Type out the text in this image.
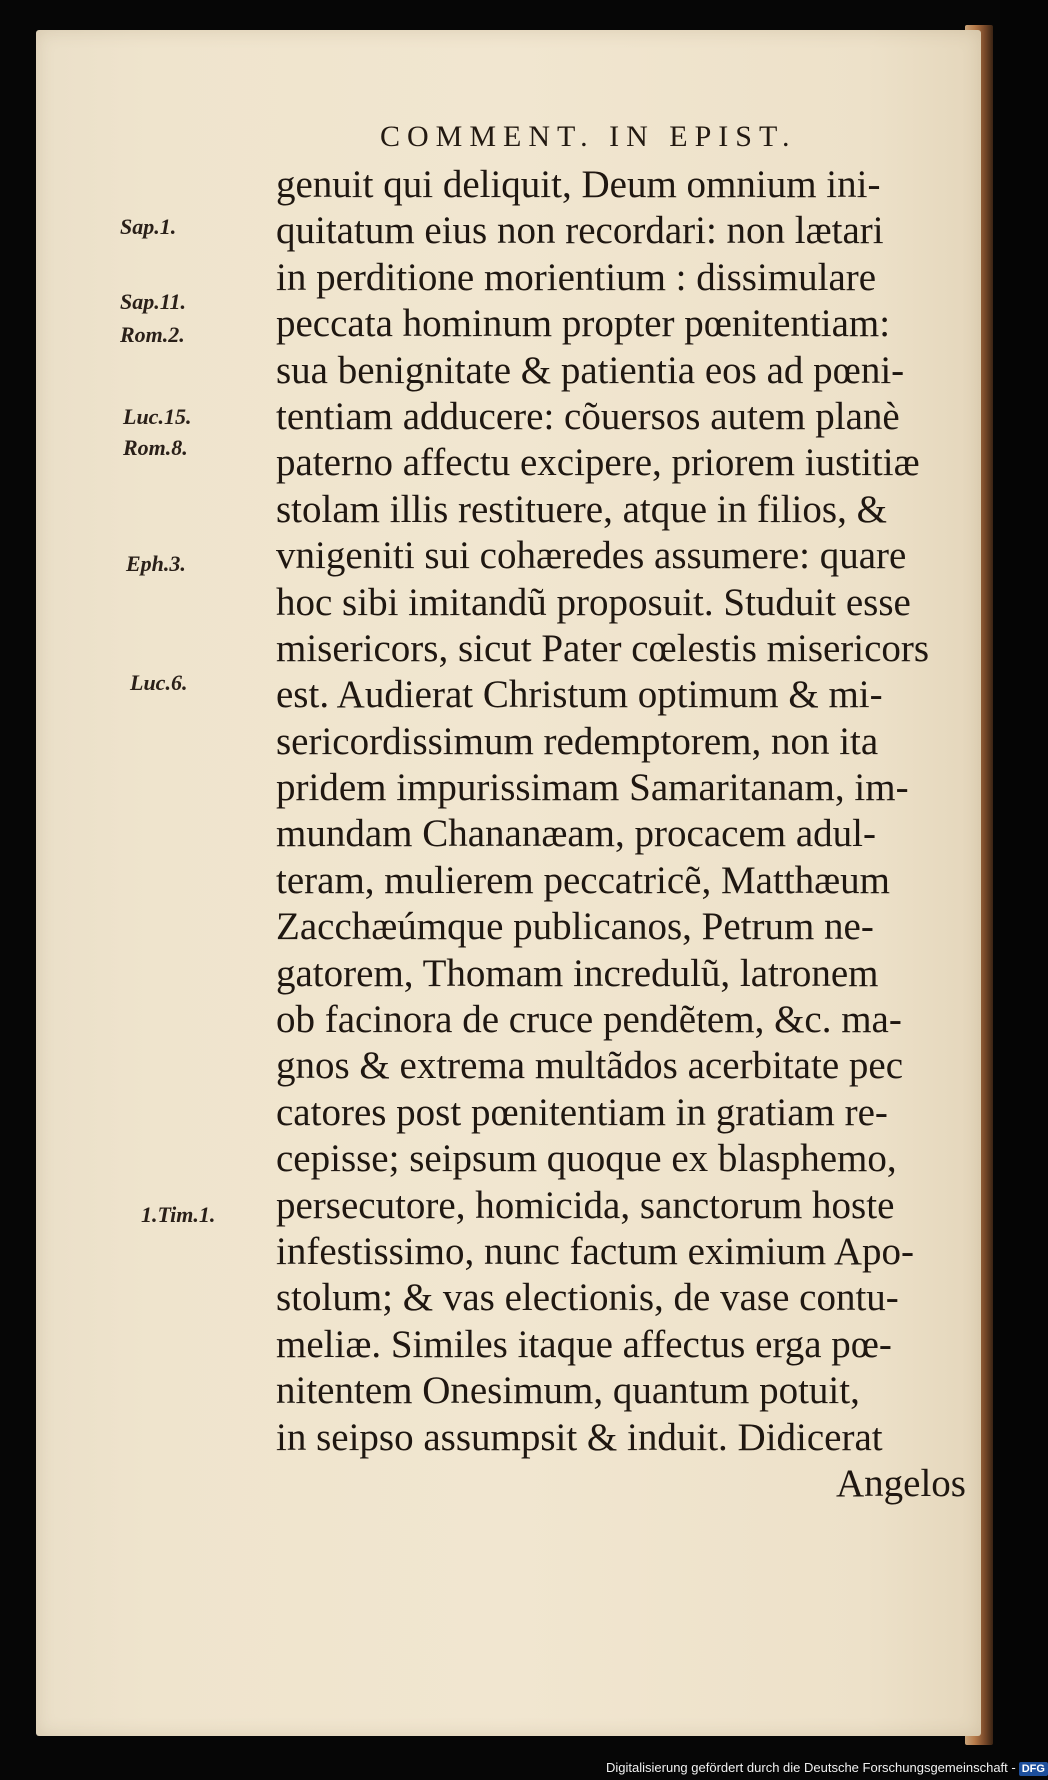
COMMENT. IN EPIST.
Sap.1.
Sap.11.
Rom.2.
Luc.15.
Rom.8.
Eph.3.
Luc.6.
1.Tim.1.
genuit qui deliquit, Deum omnium ini-
quitatum eius non recordari: non lætari
in perditione morientium : dissimulare
peccata hominum propter pœnitentiam:
sua benignitate & patientia eos ad pœni-
tentiam adducere: cõuersos autem planè
paterno affectu excipere, priorem iustitiæ
stolam illis restituere, atque in filios, &
vnigeniti sui cohæredes assumere: quare
hoc sibi imitandũ proposuit. Studuit esse
misericors, sicut Pater cœlestis misericors
est. Audierat Christum optimum & mi-
sericordissimum redemptorem, non ita
pridem impurissimam Samaritanam, im-
mundam Chananæam, procacem adul-
teram, mulierem peccatricẽ, Matthæum
Zacchæúmque publicanos, Petrum ne-
gatorem, Thomam incredulũ, latronem
ob facinora de cruce pendẽtem, &c. ma-
gnos & extrema multãdos acerbitate pec
catores post pœnitentiam in gratiam re-
cepisse; seipsum quoque ex blasphemo,
persecutore, homicida, sanctorum hoste
infestissimo, nunc factum eximium Apo-
stolum; & vas electionis, de vase contu-
meliæ. Similes itaque affectus erga pœ-
nitentem Onesimum, quantum potuit,
in seipso assumpsit & induit. Didicerat
Angelos
Digitalisierung gefördert durch die Deutsche Forschungsgemeinschaft - DFG
